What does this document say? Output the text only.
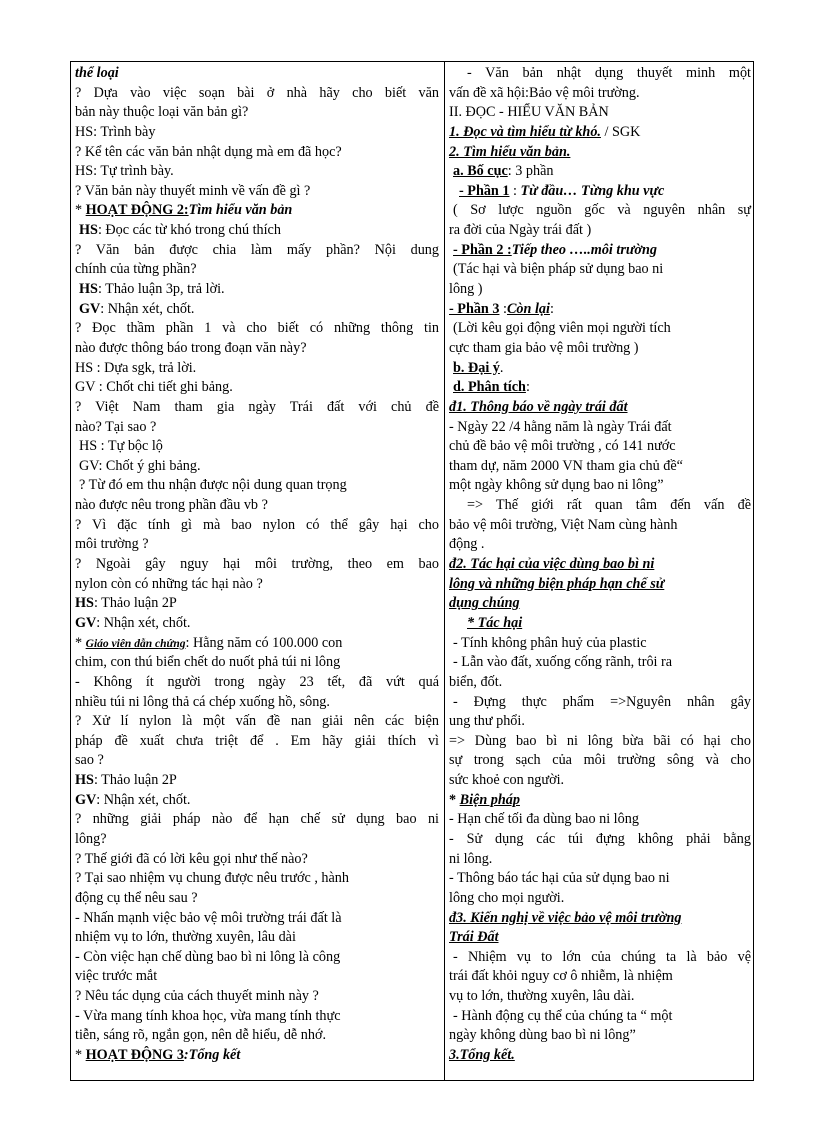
thể loại
? Dựa vào việc soạn bài ở nhà hãy cho biết văn
bản này thuộc loại văn bản gì?
HS: Trình bày
? Kể tên các văn bản nhật dụng mà em đã học?
HS: Tự trình bày.
? Văn bản này thuyết minh về vấn đề gì ?
* HOẠT ĐỘNG 2:Tìm hiểu văn bản
HS: Đọc các từ khó trong chú thích
? Văn bản được chia làm mấy phần? Nội dung
chính của từng phần?
HS: Thảo luận 3p, trả lời.
GV: Nhận xét, chốt.
? Đọc thầm phần 1 và cho biết có những thông tin
nào được thông báo trong đoạn văn này?
HS : Dựa sgk, trả lời.
GV : Chốt chi tiết ghi bảng.
? Việt Nam tham gia ngày Trái đất với chủ đề
nào? Tại sao ?
HS : Tự bộc lộ
GV: Chốt ý ghi bảng.
? Từ đó em thu nhận được nội dung quan trọng
nào được nêu trong phần đầu vb ?
? Vì đặc tính gì mà bao nylon có thể gây hại cho
môi trường ?
? Ngoài gây nguy hại môi trường, theo em bao
nylon còn có những tác hại nào ?
HS: Thảo luận 2P
GV: Nhận xét, chốt.
* Giáo viên dẫn chứng: Hằng năm có 100.000 con
chim, con thú biển chết do nuốt phả túi ni lông
- Không ít người trong ngày 23 tết, đã vứt quá
nhiều túi ni lông thả cá chép xuống hồ, sông.
? Xử lí nylon là một vấn đề nan giải nên các biện
pháp đề xuất chưa triệt để . Em hãy giải thích vì
sao ?
HS: Thảo luận 2P
GV: Nhận xét, chốt.
? những giải pháp nào để hạn chế sử dụng bao ni
lông?
? Thế giới đã có lời kêu gọi như thế nào?
? Tại sao nhiệm vụ chung được nêu trước , hành
động cụ thể nêu sau ?
- Nhấn mạnh việc bảo vệ môi trường trái đất là
nhiệm vụ to lớn, thường xuyên, lâu dài
- Còn việc hạn chế dùng bao bì ni lông là công
việc trước mắt
? Nêu tác dụng của cách thuyết minh này ?
- Vừa mang tính khoa học, vừa mang tính thực
tiễn, sáng rõ, ngắn gọn, nên dễ hiểu, dễ nhớ.
* HOẠT ĐỘNG 3:Tổng kết
- Văn bản nhật dụng thuyết minh một
vấn đề xã hội:Bảo vệ môi trường.
II. ĐỌC - HIỂU VĂN BẢN
1. Đọc và tìm hiểu từ khó. / SGK
2. Tìm hiểu văn bản.
a. Bố cục: 3 phần
- Phần 1 : Từ đầu… Từng khu vực
( Sơ lược nguồn gốc và nguyên nhân sự
ra đời của Ngày trái đất )
- Phần 2 :Tiếp theo …..môi trường
(Tác hại và biện pháp sử dụng bao ni
lông )
- Phần 3 :Còn lại:
(Lời kêu gọi động viên mọi người tích
cực tham gia bảo vệ môi trường )
b. Đại ý.
d. Phân tích:
đ1. Thông báo về ngày trái đất
- Ngày 22 /4 hằng năm là ngày Trái đất
chủ đề bảo vệ môi trường , có 141 nước
tham dự, năm 2000 VN tham gia chủ đề“
một ngày không sử dụng bao ni lông”
=> Thế giới rất quan tâm đến vấn đề
bảo vệ môi trường, Việt Nam cùng hành
động .
đ2. Tác hại của việc dùng bao bì ni
lông và những biện pháp hạn chế sử
dụng chúng
* Tác hại
- Tính không phân huỷ của plastic
- Lẫn vào đất, xuống cống rãnh, trôi ra
biển, đốt.
- Đựng thực phẩm =>Nguyên nhân gây
ung thư phổi.
=> Dùng bao bì ni lông bừa bãi có hại cho
sự trong sạch của môi trường sông và cho
sức khoẻ con người.
* Biện pháp
- Hạn chế tối đa dùng bao ni lông
- Sử dụng các túi đựng không phải bằng
ni lông.
- Thông báo tác hại của sử dụng bao ni
lông cho mọi người.
đ3. Kiến nghị về việc bảo vệ môi trường
Trái Đất
- Nhiệm vụ to lớn của chúng ta là bảo vệ
trái đất khỏi nguy cơ ô nhiễm, là nhiệm
vụ to lớn, thường xuyên, lâu dài.
- Hành động cụ thể của chúng ta “ một
ngày không dùng bao bì ni lông”
3.Tổng kết.
